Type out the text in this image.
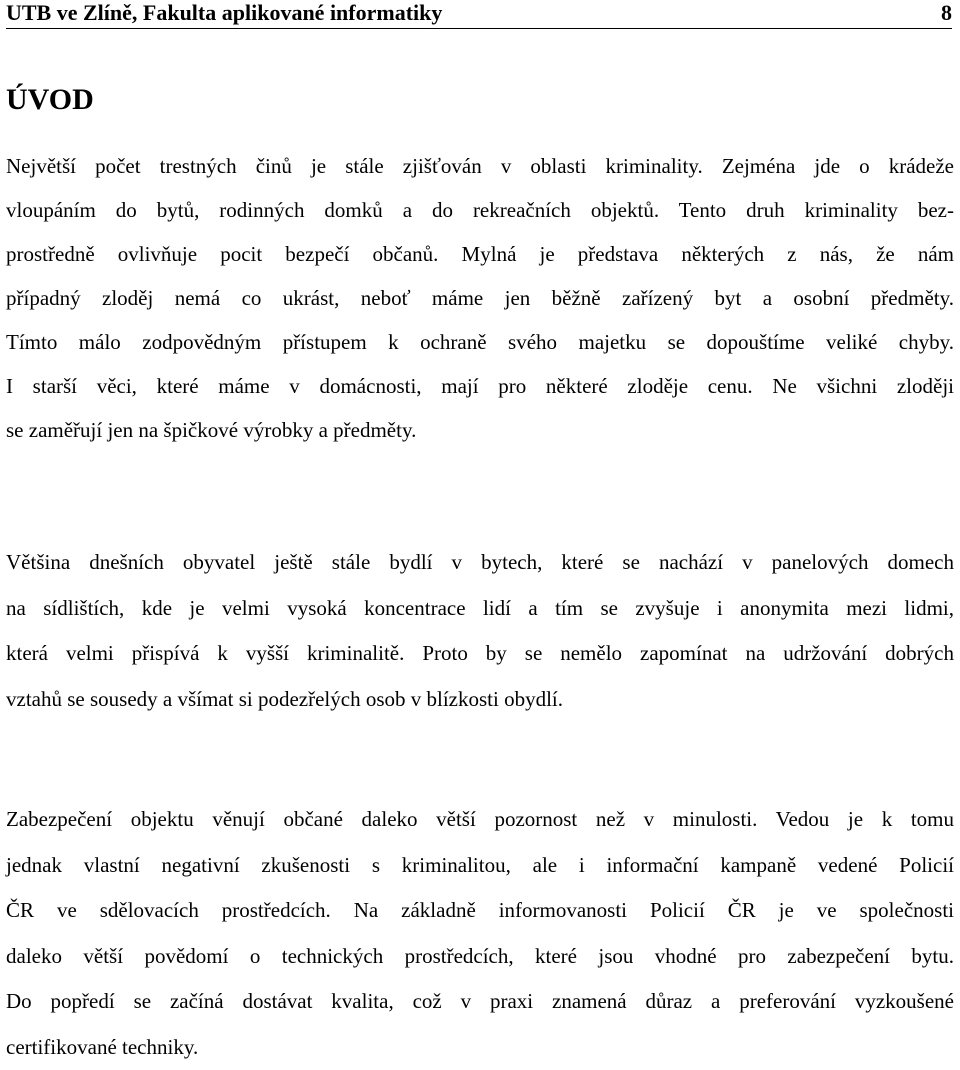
UTB ve Zlíně, Fakulta aplikované informatiky	8
ÚVOD
Největší počet trestných činů je stále zjišťován v oblasti kriminality. Zejména jde o krádeže
vloupáním do bytů, rodinných domků a do rekreačních objektů. Tento druh kriminality bez-
prostředně ovlivňuje pocit bezpečí občanů. Mylná je představa některých z nás, že nám
případný zloděj nemá co ukrást, neboť máme jen běžně zařízený byt a osobní předměty.
Tímto málo zodpovědným přístupem k ochraně svého majetku se dopouštíme veliké chyby.
I starší věci, které máme v domácnosti, mají pro některé zloděje cenu. Ne všichni zloději
se zaměřují jen na špičkové výrobky a předměty.
Většina dnešních obyvatel ještě stále bydlí v bytech, které se nachází v panelových domech
na sídlištích, kde je velmi vysoká koncentrace lidí a tím se zvyšuje i anonymita mezi lidmi,
která velmi přispívá k vyšší kriminalitě. Proto by se nemělo zapomínat na udržování dobrých
vztahů se sousedy a všímat si podezřelých osob v blízkosti obydlí.
Zabezpečení objektu věnují občané daleko větší pozornost než v minulosti. Vedou je k tomu
jednak vlastní negativní zkušenosti s kriminalitou, ale i informační kampaně vedené Policií
ČR ve sdělovacích prostředcích. Na základně informovanosti Policií ČR je ve společnosti
daleko větší povědomí o technických prostředcích, které jsou vhodné pro zabezpečení bytu.
Do popředí se začíná dostávat kvalita, což v praxi znamená důraz a preferování vyzkoušené
certifikované techniky.
